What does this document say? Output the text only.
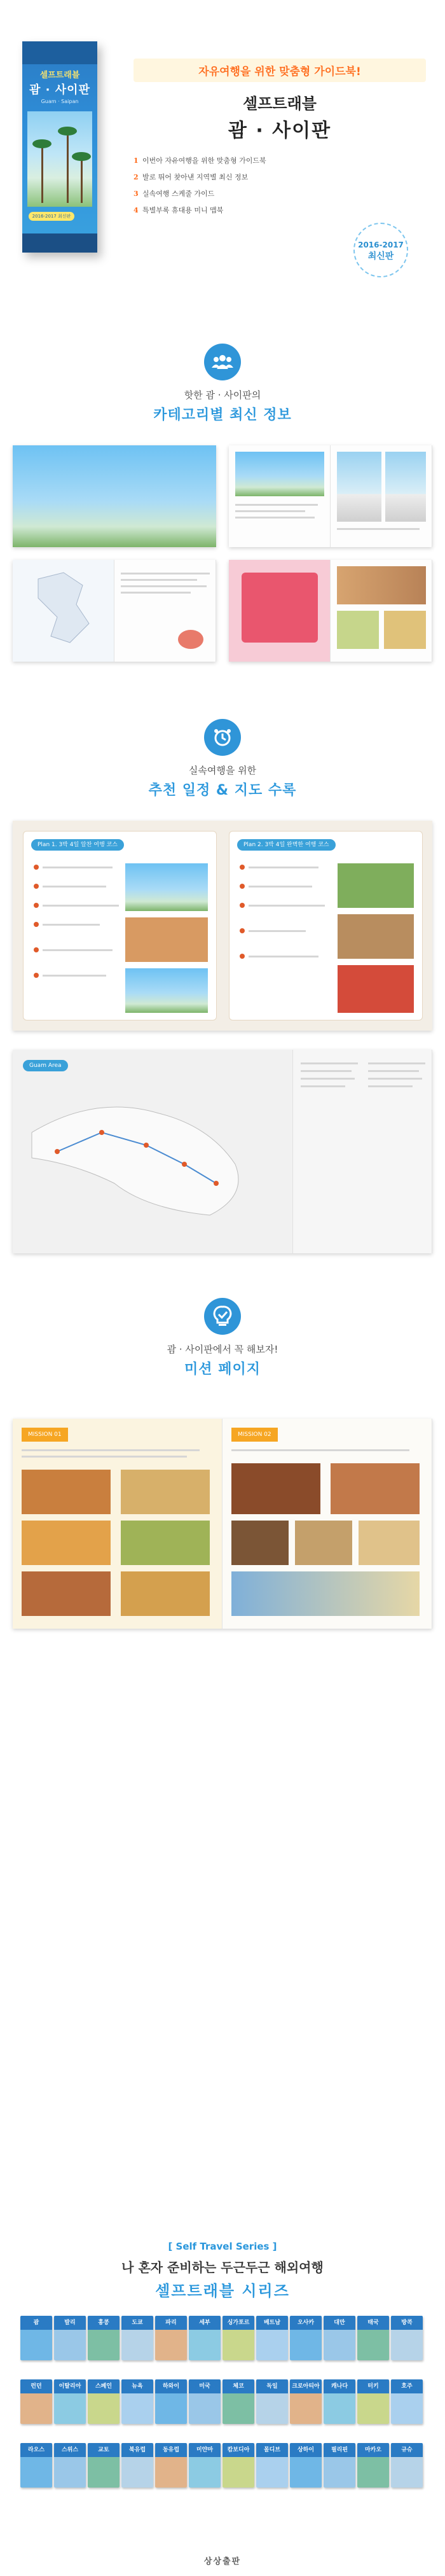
셀프트래블
괌 · 사이판
Guam · Saipan
2016-2017 최신판
자유여행을 위한 맞춤형 가이드북!
셀프트래블
괌 · 사이판
1 이번아 자유여행을 위한 맞춤형 가이드북
2 발로 뛰어 찾아낸 지역별 최신 정보
3 실속여행 스케줄 가이드
4 특별부록 휴대용 미니 맵북
2016-2017
최신판
핫한 괌 · 사이판의
카테고리별 최신 정보
실속여행을 위한
추천 일정 & 지도 수록
Plan 1. 3박 4일 알찬 여행 코스	Plan 2. 3박 4일 완벽한 여행 코스
Guam Area
괌 · 사이판에서 꼭 해보자!
미션 페이지
MISSION 01	MISSION 02
[ Self Travel Series ]
나 혼자 준비하는 두근두근 해외여행
셀프트래블 시리즈
괌	발리	홍콩	도쿄	파리	세부	싱가포르	베트남	오사카	대만	태국	방콕
런던	이탈리아	스페인	뉴욕	하와이	미국	체코	독일	크로아티아	캐나다	터키	호주
라오스	스위스	교토	북유럽	동유럽	미얀마	캄보디아	몰디브	상하이	필리핀	마카오	규슈
상상출판
